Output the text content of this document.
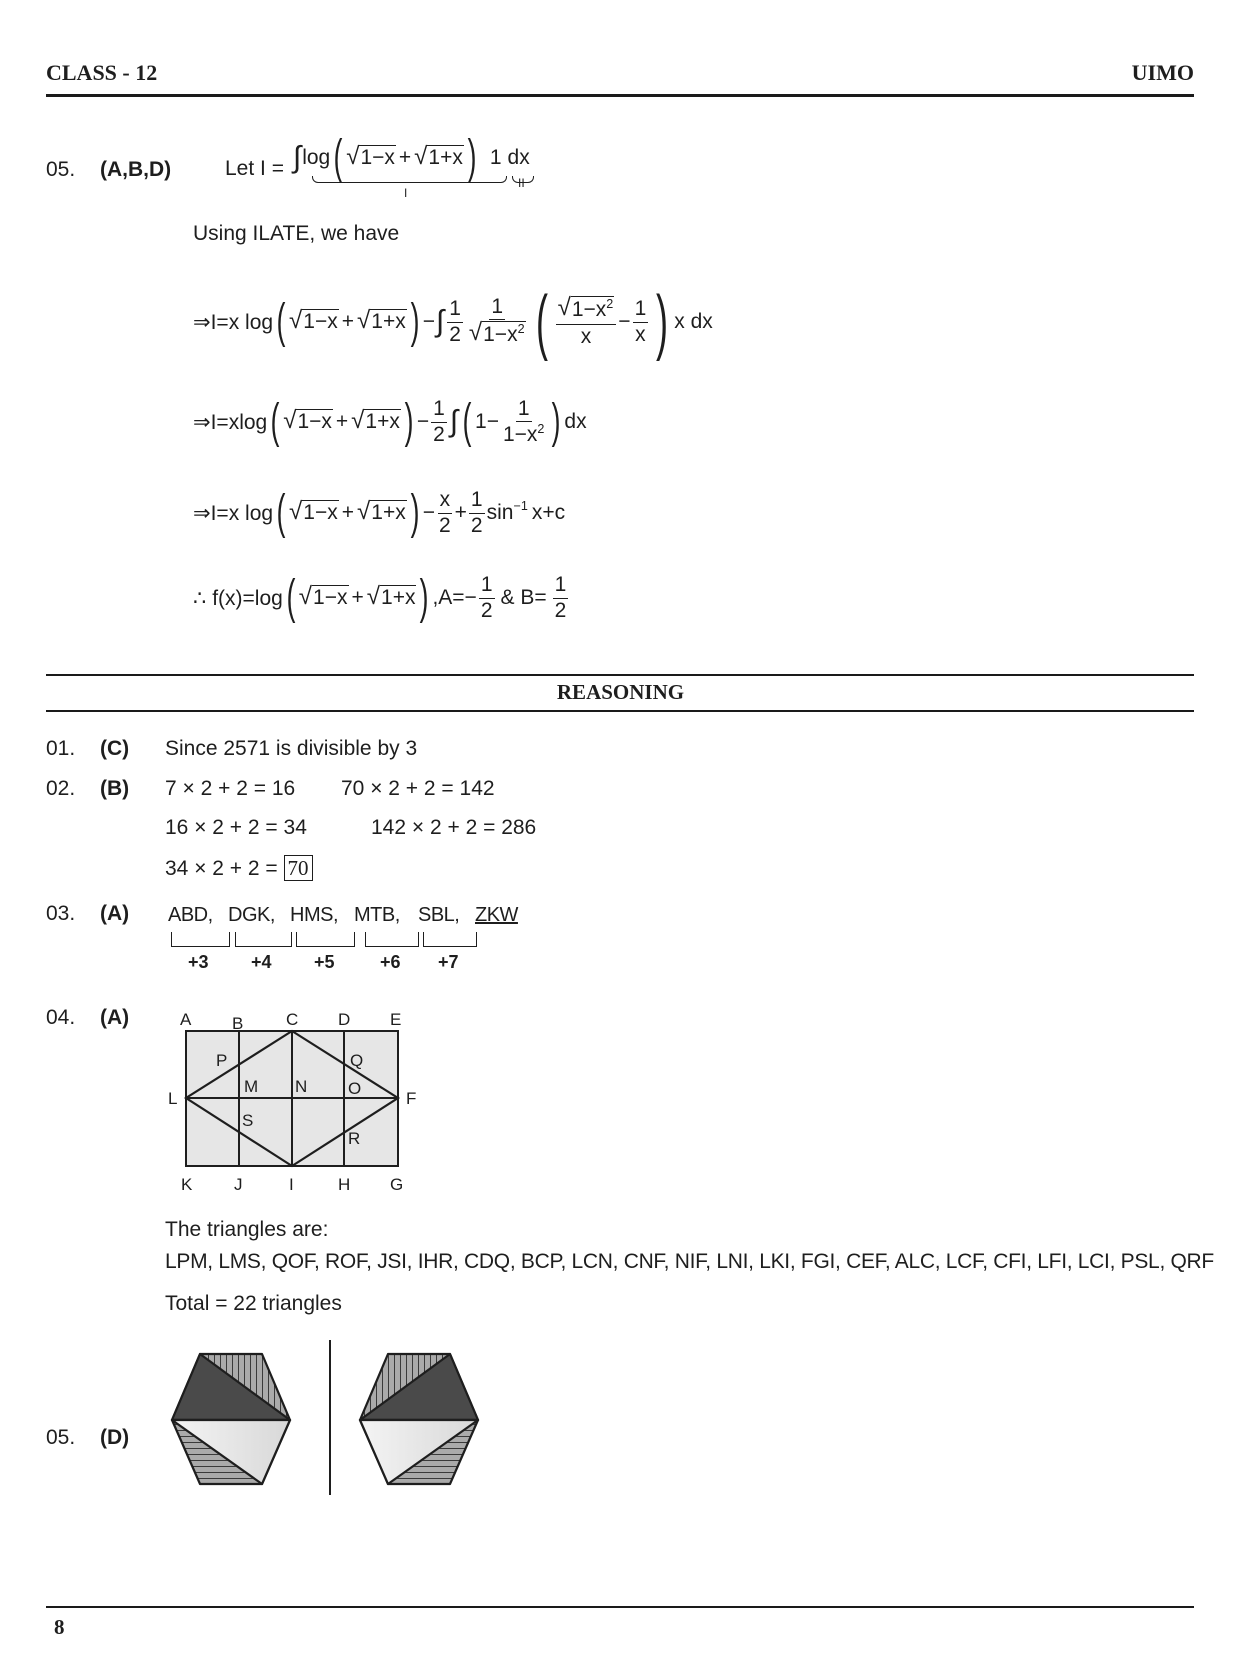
CLASS - 12	UIMO
05. (A,B,D)	Let I = ∫ log ( √ 1−x + √ 1+x ) 1 dx
I
II
Using ILATE, we have
⇒I=x log ( √ 1−x + √ 1+x ) − ∫ $\frac{1}{2} \frac{1}{√ 1-x^2}$ ( $\frac{√ 1-x^2}{x} - \frac{1}{x}$ ) x dx
⇒I=xlog ( √ 1−x + √ 1+x ) − $\frac{1}{2}$ ∫ ( $1- \frac{1}{1-x^2}$ ) dx
⇒I=x log ( √ 1−x + √ 1+x ) − $\frac{x}{2} + \frac{1}{2} \sin^{-1} x+c$
∴ f(x)=log ( √ 1−x + √ 1+x ) $,A=- \frac{1}{2}$ & $B= \frac{1}{2}$
REASONING
01. (C) Since 2571 is divisible by 3
02. (B) 7 × 2 + 2 = 16 70 × 2 + 2 = 142
16 × 2 + 2 = 34	142 × 2 + 2 = 286
34 × 2 + 2 = 70
03. (A) ABD, DGK, HMS, MTB, SBL, ZKW
+3 +4 +5	+6 +7
04. (A)	A B	C D E
F
G
H
I
J
K
L
M N O
P	Q
R
S
The triangles are:
LPM, LMS, QOF, ROF, JSI, IHR, CDQ, BCP, LCN, CNF, NIF, LNI, LKI, FGI, CEF, ALC, LCF, CFI, LFI, LCI, PSL, QRF
Total = 22 triangles
05. (D)
8
